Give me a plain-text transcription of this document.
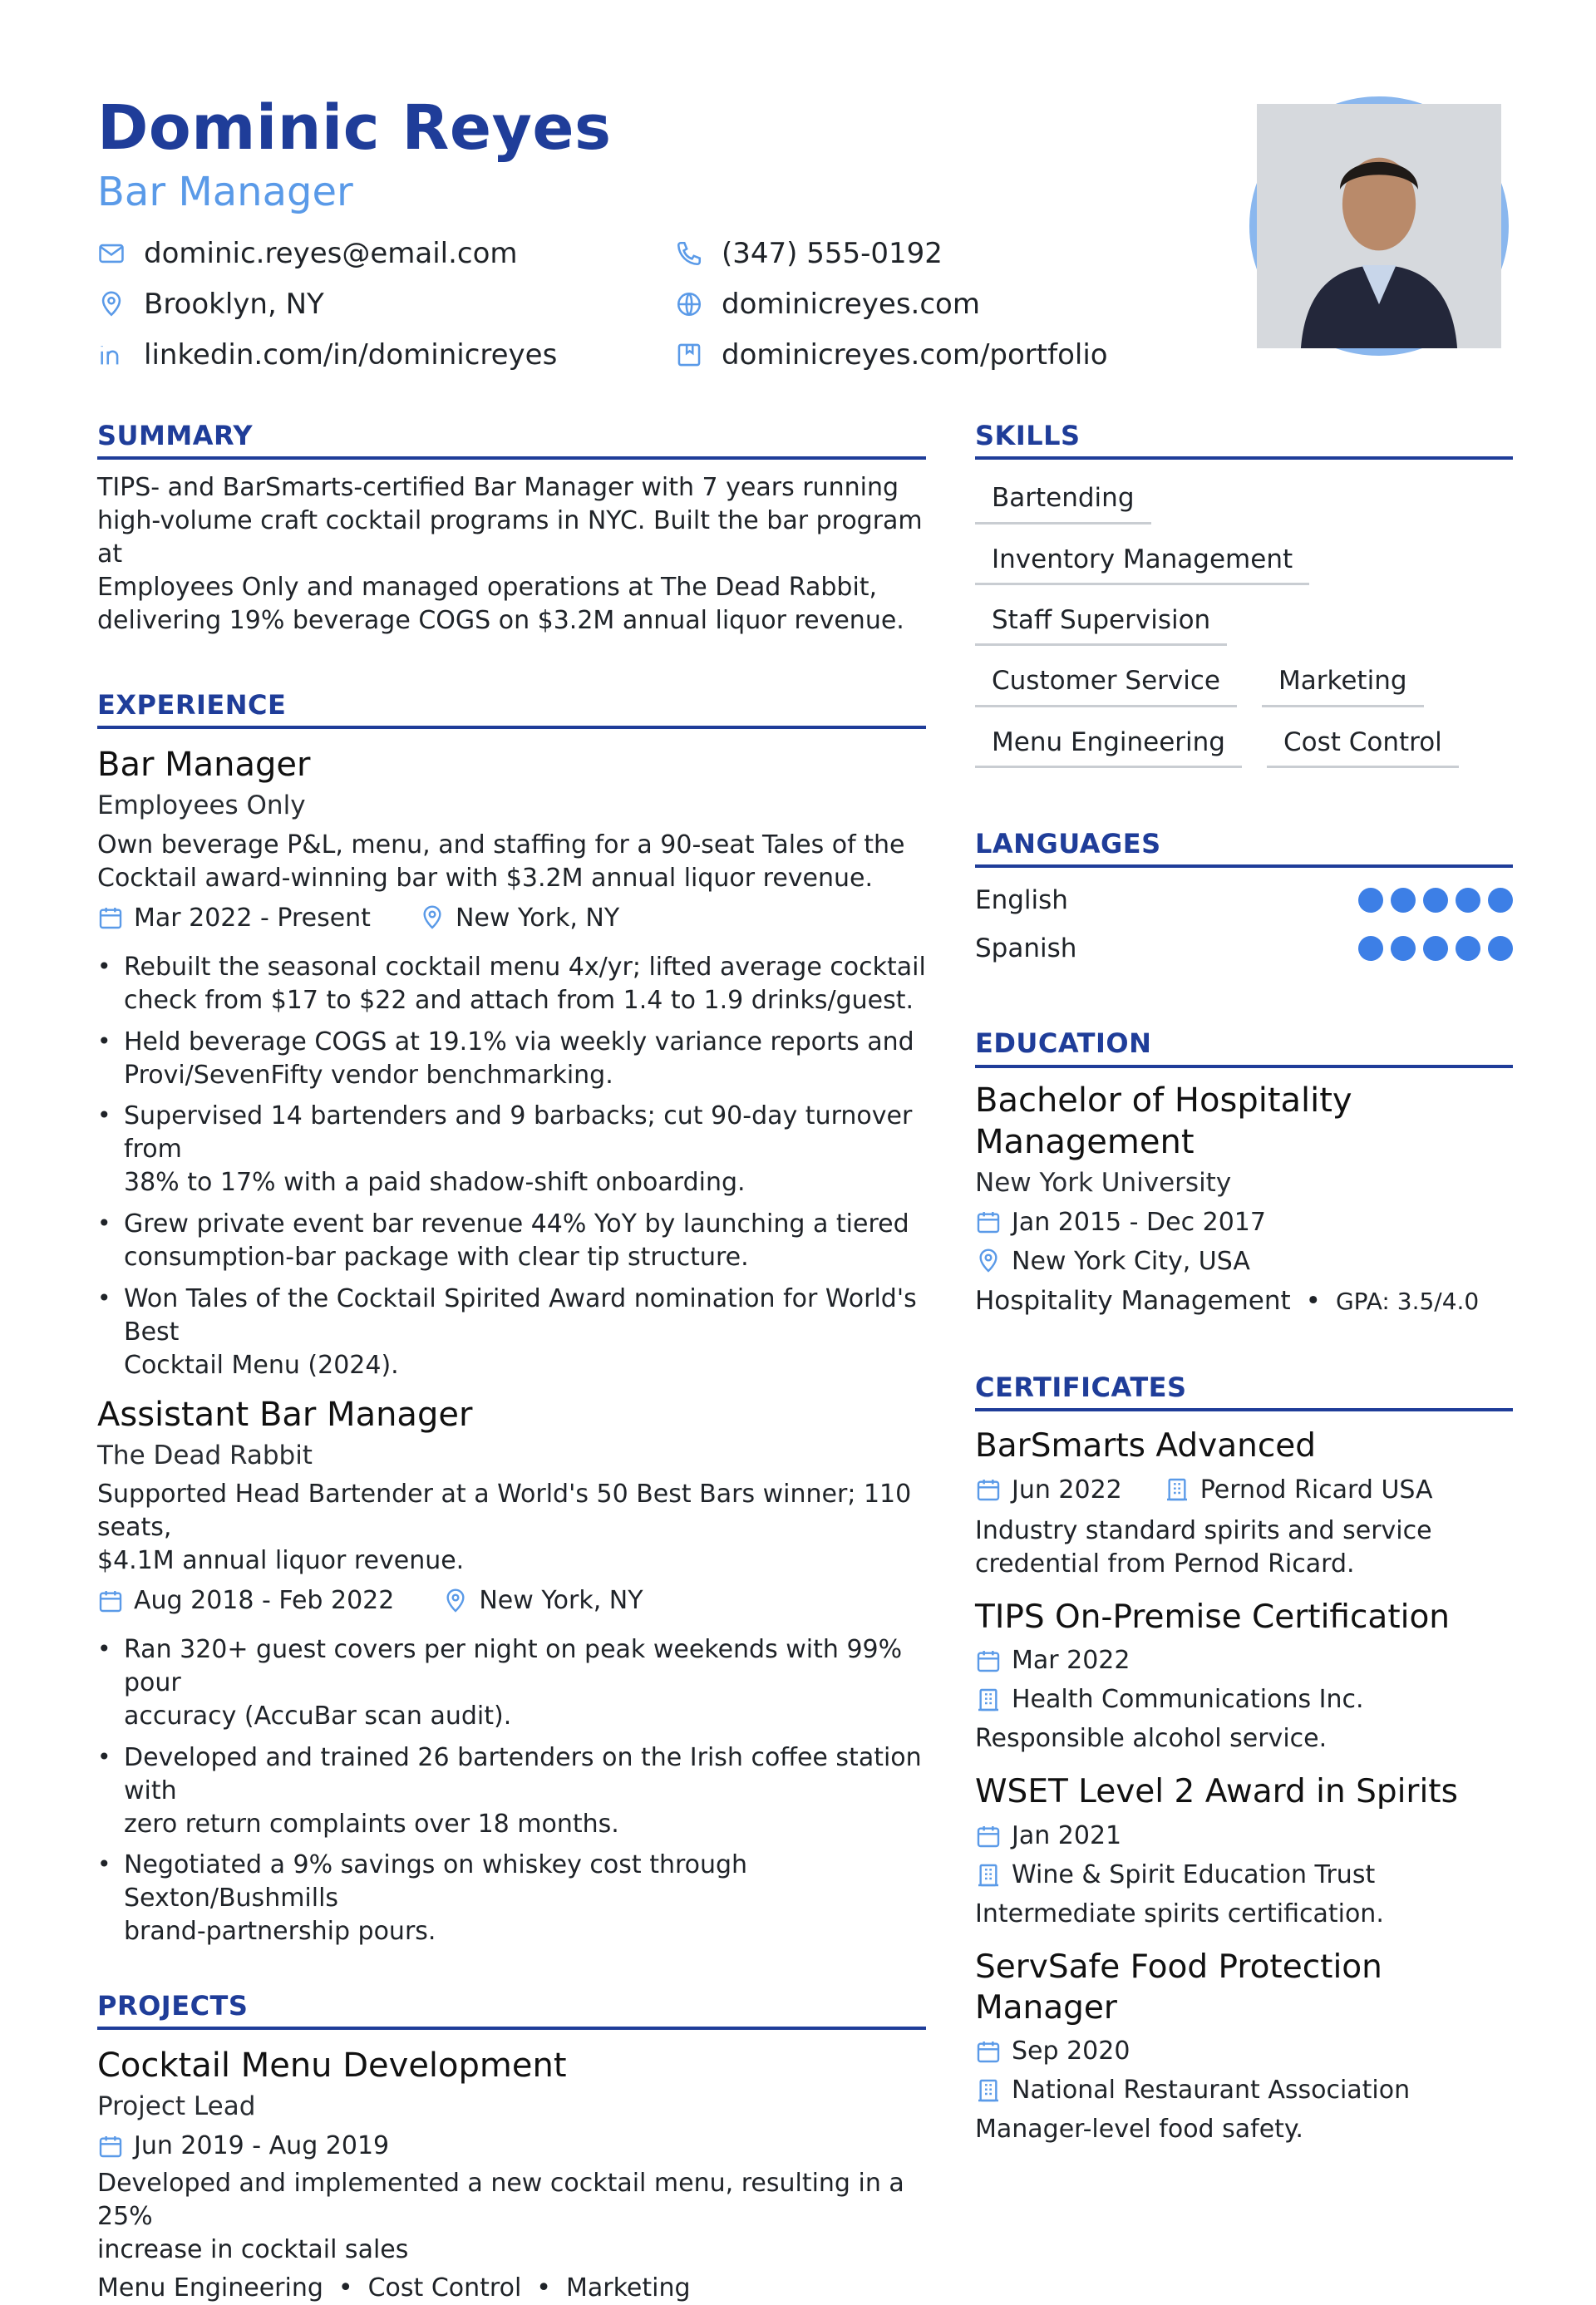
Dominic Reyes
Bar Manager
dominic.reyes@email.com	(347) 555-0192
Brooklyn, NY	dominicreyes.com
linkedin.com/in/dominicreyes	dominicreyes.com/portfolio
SUMMARY
TIPS- and BarSmarts-certified Bar Manager with 7 years running
high-volume craft cocktail programs in NYC. Built the bar program at
Employees Only and managed operations at The Dead Rabbit,
delivering 19% beverage COGS on $3.2M annual liquor revenue.
EXPERIENCE
Bar Manager
Employees Only
Own beverage P&L, menu, and staffing for a 90-seat Tales of the
Cocktail award-winning bar with $3.2M annual liquor revenue.
Mar 2022 - Present	New York, NY
• Rebuilt the seasonal cocktail menu 4x/yr; lifted average cocktail
check from $17 to $22 and attach from 1.4 to 1.9 drinks/guest.
• Held beverage COGS at 19.1% via weekly variance reports and
Provi/SevenFifty vendor benchmarking.
• Supervised 14 bartenders and 9 barbacks; cut 90-day turnover from
38% to 17% with a paid shadow-shift onboarding.
• Grew private event bar revenue 44% YoY by launching a tiered
consumption-bar package with clear tip structure.
• Won Tales of the Cocktail Spirited Award nomination for World's Best
Cocktail Menu (2024).
Assistant Bar Manager
The Dead Rabbit
Supported Head Bartender at a World's 50 Best Bars winner; 110 seats,
$4.1M annual liquor revenue.
Aug 2018 - Feb 2022	New York, NY
• Ran 320+ guest covers per night on peak weekends with 99% pour
accuracy (AccuBar scan audit).
• Developed and trained 26 bartenders on the Irish coffee station with
zero return complaints over 18 months.
• Negotiated a 9% savings on whiskey cost through Sexton/Bushmills
brand-partnership pours.
PROJECTS
Cocktail Menu Development
Project Lead
Jun 2019 - Aug 2019
Developed and implemented a new cocktail menu, resulting in a 25%
increase in cocktail sales
Menu Engineering • Cost Control • Marketing
SKILLS
Bartending
Inventory Management
Staff Supervision
Customer Service	Marketing
Menu Engineering	Cost Control
LANGUAGES
English
Spanish
EDUCATION
Bachelor of Hospitality
Management
New York University
Jan 2015 - Dec 2017
New York City, USA
Hospitality Management • GPA: 3.5/4.0
CERTIFICATES
BarSmarts Advanced
Jun 2022	Pernod Ricard USA
Industry standard spirits and service
credential from Pernod Ricard.
TIPS On-Premise Certification
Mar 2022
Health Communications Inc.
Responsible alcohol service.
WSET Level 2 Award in Spirits
Jan 2021
Wine & Spirit Education Trust
Intermediate spirits certification.
ServSafe Food Protection Manager
Sep 2020
National Restaurant Association
Manager-level food safety.
